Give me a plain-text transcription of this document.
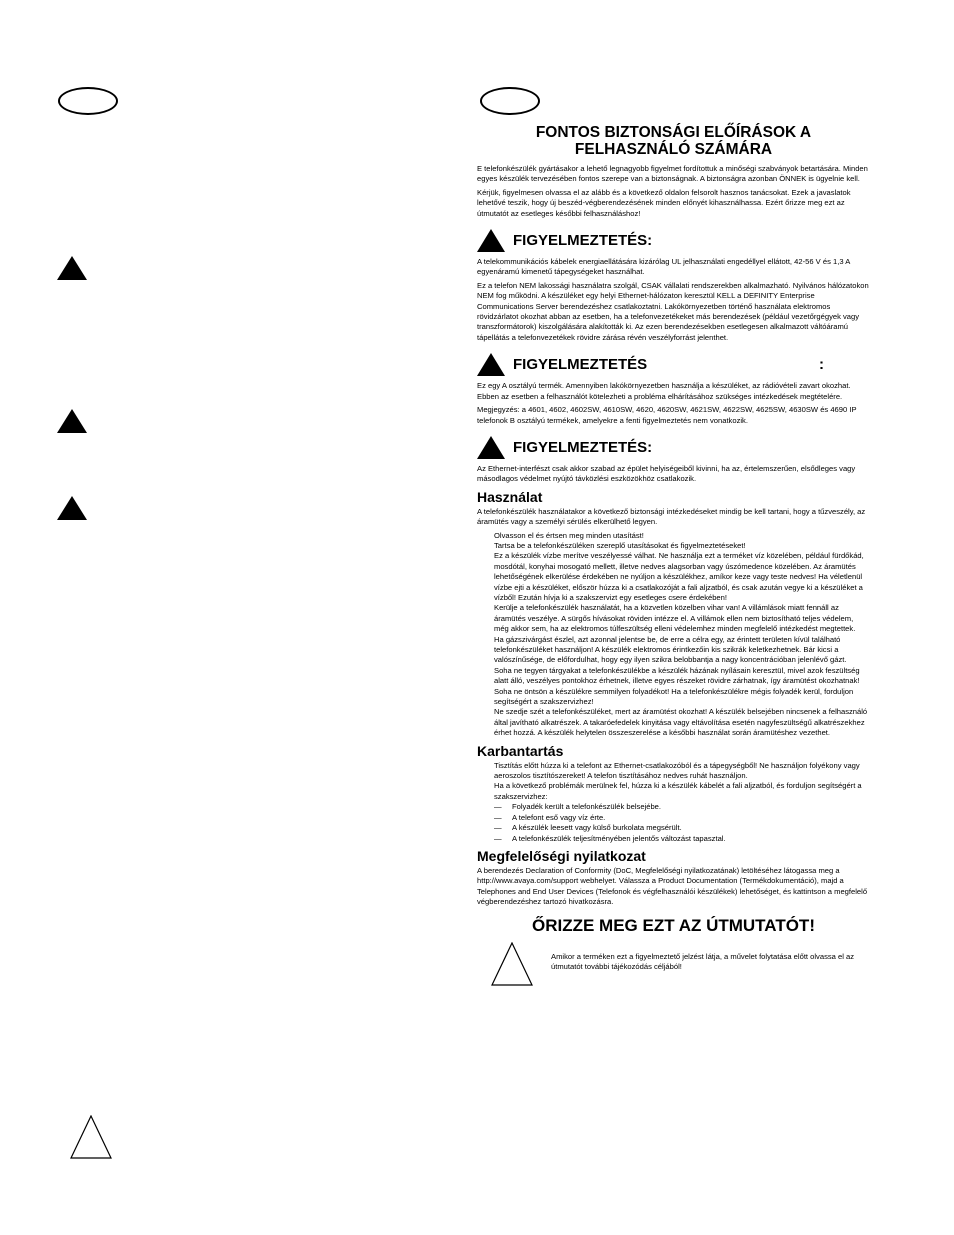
FONTOS BIZTONSÁGI ELŐÍRÁSOK A
FELHASZNÁLÓ SZÁMÁRA

E telefonkészülék gyártásakor a lehető legnagyobb figyelmet fordítottuk a minőségi szabványok betartására. Minden egyes készülék tervezésében fontos szerepe van a biztonságnak. A biztonságra azonban ÖNNEK is ügyelnie kell.

Kérjük, figyelmesen olvassa el az alább és a következő oldalon felsorolt hasznos tanácsokat. Ezek a javaslatok lehetővé teszik, hogy új beszéd-végberendezésének minden előnyét kihasználhassa. Ezért őrizze meg ezt az útmutatót az esetleges későbbi felhasználáshoz!

FIGYELMEZTETÉS:

A telekommunikációs kábelek energiaellátására kizárólag UL jelhasználati engedéllyel ellátott, 42-56 V és 1,3 A egyenáramú kimenetű tápegységeket használhat.

Ez a telefon NEM lakossági használatra szolgál, CSAK vállalati rendszerekben alkalmazható. Nyilvános hálózatokon NEM fog működni. A készüléket egy helyi Ethernet-hálózaton keresztül KELL a DEFINITY Enterprise Communications Server berendezéshez csatlakoztatni. Lakókörnyezetben történő használata elektromos rövidzárlatot okozhat abban az esetben, ha a telefonvezetékeket más berendezések (például vezetőrgégyek vagy transzformátorok) kiszolgálására alakították ki. Az ezen berendezésekben esetlegesen alkalmazott váltóáramú tápellátás a telefonvezetékek rövidre zárása révén veszélyforrást jelenthet.

FIGYELMEZTETÉS	:

Ez egy A osztályú termék. Amennyiben lakókörnyezetben használja a készüléket, az rádióvételi zavart okozhat. Ebben az esetben a felhasználót kötelezheti a probléma elhárításához szükséges intézkedések megtételére.

Megjegyzés: a 4601, 4602, 4602SW, 4610SW, 4620, 4620SW, 4621SW, 4622SW, 4625SW, 4630SW és 4690 IP telefonok B osztályú termékek, amelyekre a fenti figyelmeztetés nem vonatkozik.

FIGYELMEZTETÉS:

Az Ethernet-interfészt csak akkor szabad az épület helyiségeiből kivinni, ha az, értelemszerűen, elsődleges vagy másodlagos védelmet nyújtó távközlési eszközökhöz csatlakozik.

Használat

A telefonkészülék használatakor a következő biztonsági intézkedéseket mindig be kell tartani, hogy a tűzveszély, az áramütés vagy a személyi sérülés elkerülhető legyen.

Olvasson el és értsen meg minden utasítást!

Tartsa be a telefonkészüléken szereplő utasításokat és figyelmeztetéseket!

Ez a készülék vízbe merítve veszélyessé válhat. Ne használja ezt a terméket víz közelében, például fürdőkád, mosdótál, konyhai mosogató mellett, illetve nedves alagsorban vagy úszómedence közelében. Az áramütés lehetőségének elkerülése érdekében ne nyúljon a készülékhez, amíkor keze vagy teste nedves! Ha véletlenül vízbe ejti a készüléket, először húzza ki a csatlakozóját a fali aljzatból, és csak azután vegye ki a készüléket a vízből! Ezután hívja ki a szakszervizt egy esetleges csere érdekében!

Kerülje a telefonkészülék használatát, ha a közvetlen közelben vihar van! A villámlások miatt fennáll az áramütés veszélye. A sürgős hívásokat röviden intézze el. A villámok ellen nem biztosítható teljes védelem, még akkor sem, ha az elektromos túlfeszültség elleni védelemhez minden megfelelő intézkedést megtettek.

Ha gázszivárgást észlel, azt azonnal jelentse be, de erre a célra egy, az érintett területen kívül található telefonkészüléket használjon! A készülék elektromos érintkezőin kis szikrák keletkezhetnek. Bár kicsi a valószínűsége, de előfordulhat, hogy egy ilyen szikra belobbantja a nagy koncentrációban jelenlévő gázt.

Soha ne tegyen tárgyakat a telefonkészülékbe a készülék házának nyílásain keresztül, mivel azok feszültség alatt álló, veszélyes pontokhoz érhetnek, illetve egyes részeket rövidre zárhatnak, így áramütést okozhatnak! Soha ne öntsön a készülékre semmilyen folyadékot! Ha a telefonkészülékre mégis folyadék kerül, forduljon segítségért a szakszervizhez!

Ne szedje szét a telefonkészüléket, mert az áramütést okozhat! A készülék belsejében nincsenek a felhasználó által javítható alkatrészek. A takaróefedelek kinyitása vagy eltávolítása esetén nagyfeszültségű alkatrészekhez érhet hozzá. A készülék helytelen összeszerelése a későbbi használat során áramütéshez vezethet.

Karbantartás

Tisztítás előtt húzza ki a telefont az Ethernet-csatlakozóból és a tápegységből! Ne használjon folyékony vagy aeroszolos tisztítószereket! A telefon tisztításához nedves ruhát használjon.

Ha a következő problémák merülnek fel, húzza ki a készülék kábelét a fali aljzatból, és forduljon segítségért a szakszervizhez:

—	Folyadék került a telefonkészülék belsejébe.
—	A telefont eső vagy víz érte.
—	A készülék leesett vagy külső burkolata megsérült.
—	A telefonkészülék teljesítményében jelentős változást tapasztal.
Megfelelőségi nyilatkozat

A berendezés Declaration of Conformity (DoC, Megfelelőségi nyilatkozatának) letöltéséhez látogassa meg a http://www.avaya.com/support webhelyet. Válassza a Product Documentation (Termékdokumentáció), majd a Telephones and End User Devices (Telefonok és végfelhasználói készülékek) lehetőséget, és kattintson a megfelelő végberendezéshez tartozó hivatkozásra.

ŐRIZZE MEG EZT AZ ÚTMUTATÓT!

Amikor a terméken ezt a figyelmeztető jelzést látja, a művelet folytatása előtt olvassa el az útmutatót további tájékozódás céljából!
